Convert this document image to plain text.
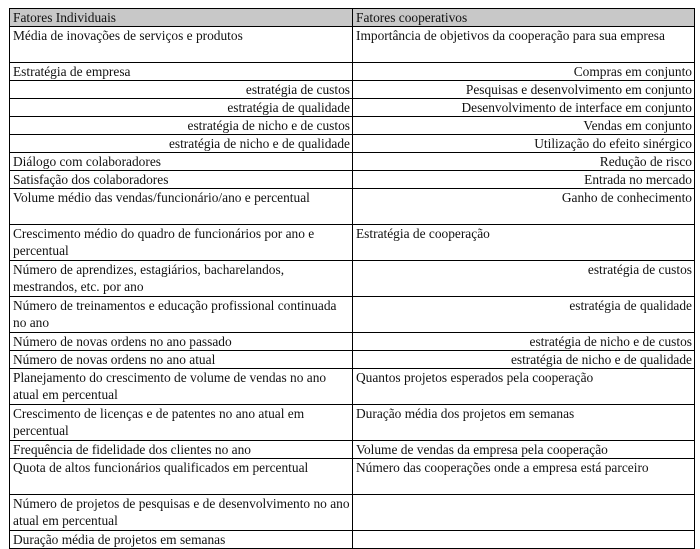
Fatores Individuais	Fatores cooperativos
Média de inovações de serviços e produtos	Importância de objetivos da cooperação para sua empresa
Estratégia de empresa	Compras em conjunto
estratégia de custos	Pesquisas e desenvolvimento em conjunto
estratégia de qualidade	Desenvolvimento de interface em conjunto
estratégia de nicho e de custos	Vendas em conjunto
estratégia de nicho e de qualidade	Utilização do efeito sinérgico
Diálogo com colaboradores	Redução de risco
Satisfação dos colaboradores	Entrada no mercado
Volume médio das vendas/funcionário/ano e percentual	Ganho de conhecimento
Crescimento médio do quadro de funcionários por ano e percentual	Estratégia de cooperação
Número de aprendizes, estagiários, bacharelandos, mestrandos, etc. por ano	estratégia de custos
Número de treinamentos e educação profissional continuada no ano	estratégia de qualidade
Número de novas ordens no ano passado	estratégia de nicho e de custos
Número de novas ordens no ano atual	estratégia de nicho e de qualidade
Planejamento do crescimento de volume de vendas no ano atual em percentual	Quantos projetos esperados pela cooperação
Crescimento de licenças e de patentes no ano atual em percentual	Duração média dos projetos em semanas
Frequência de fidelidade dos clientes no ano	Volume de vendas da empresa pela cooperação
Quota de altos funcionários qualificados em percentual	Número das cooperações onde a empresa está parceiro
Número de projetos de pesquisas e de desenvolvimento no ano atual em percentual	
Duração média de projetos em semanas	
